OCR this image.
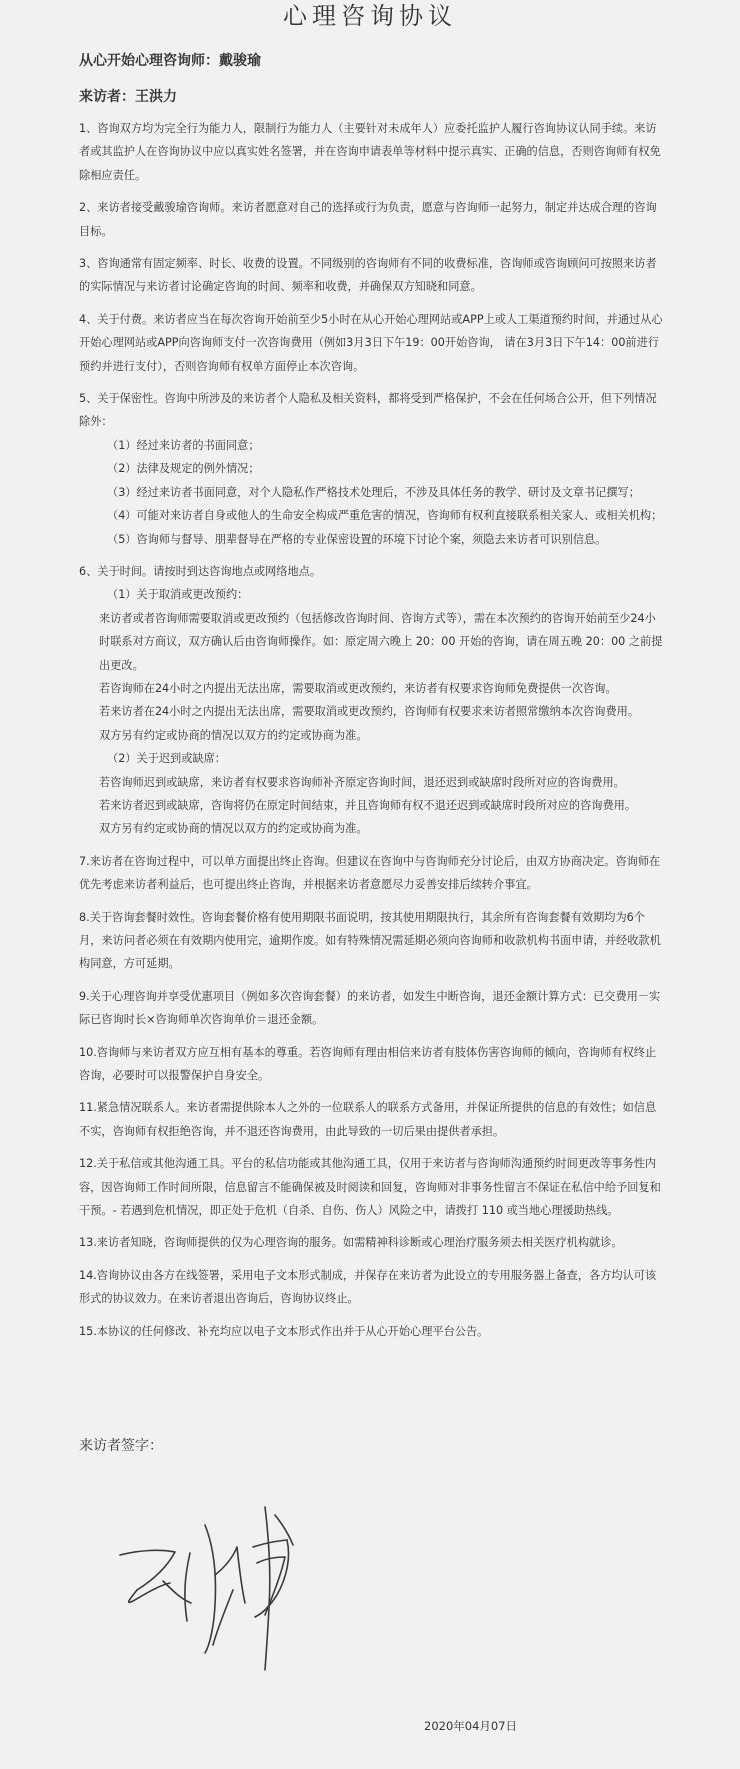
心理咨询协议
从心开始心理咨询师：戴骏瑜
来访者：王洪力

1、咨询双方均为完全行为能力人，限制行为能力人（主要针对未成年人）应委托监护人履行咨询协议认同手续。来访者或其监护人在咨询协议中应以真实姓名签署，并在咨询申请表单等材料中提示真实、正确的信息，否则咨询师有权免除相应责任。

2、来访者接受戴骏瑜咨询师。来访者愿意对自己的选择或行为负责，愿意与咨询师一起努力，制定并达成合理的咨询目标。

3、咨询通常有固定频率、时长、收费的设置。不同级别的咨询师有不同的收费标准，咨询师或咨询顾问可按照来访者的实际情况与来访者讨论确定咨询的时间、频率和收费，并确保双方知晓和同意。

4、关于付费。来访者应当在每次咨询开始前至少5小时在从心开始心理网站或APP上或人工渠道预约时间，并通过从心开始心理网站或APP向咨询师支付一次咨询费用（例如3月3日下午19：00开始咨询， 请在3月3日下午14：00前进行预约并进行支付），否则咨询师有权单方面停止本次咨询。

5、关于保密性。咨询中所涉及的来访者个人隐私及相关资料，都将受到严格保护，不会在任何场合公开，但下列情况除外：

（1）经过来访者的书面同意；

（2）法律及规定的例外情况；

（3）经过来访者书面同意，对个人隐私作严格技术处理后，不涉及具体任务的教学、研讨及文章书记撰写；

（4）可能对来访者自身或他人的生命安全构成严重危害的情况，咨询师有权利直接联系相关家人、或相关机构；

（5）咨询师与督导、朋辈督导在严格的专业保密设置的环境下讨论个案，须隐去来访者可识别信息。

6、关于时间。请按时到达咨询地点或网络地点。

（1）关于取消或更改预约：

来访者或者咨询师需要取消或更改预约（包括修改咨询时间、咨询方式等），需在本次预约的咨询开始前至少24小时联系对方商议，双方确认后由咨询师操作。如：原定周六晚上 20：00 开始的咨询，请在周五晚 20：00 之前提出更改。

若咨询师在24小时之内提出无法出席，需要取消或更改预约，来访者有权要求咨询师免费提供一次咨询。

若来访者在24小时之内提出无法出席，需要取消或更改预约，咨询师有权要求来访者照常缴纳本次咨询费用。

双方另有约定或协商的情况以双方的约定或协商为准。

（2）关于迟到或缺席：

若咨询师迟到或缺席，来访者有权要求咨询师补齐原定咨询时间，退还迟到或缺席时段所对应的咨询费用。

若来访者迟到或缺席，咨询将仍在原定时间结束，并且咨询师有权不退还迟到或缺席时段所对应的咨询费用。

双方另有约定或协商的情况以双方的约定或协商为准。

7.来访者在咨询过程中，可以单方面提出终止咨询。但建议在咨询中与咨询师充分讨论后，由双方协商决定。咨询师在优先考虑来访者利益后，也可提出终止咨询，并根据来访者意愿尽力妥善安排后续转介事宜。

8.关于咨询套餐时效性。咨询套餐价格有使用期限书面说明，按其使用期限执行，其余所有咨询套餐有效期均为6个月，来访问者必须在有效期内使用完，逾期作废。如有特殊情况需延期必须向咨询师和收款机构书面申请，并经收款机构同意，方可延期。

9.关于心理咨询并享受优惠项目（例如多次咨询套餐）的来访者，如发生中断咨询，退还金额计算方式：已交费用－实际已咨询时长×咨询师单次咨询单价＝退还金额。

10.咨询师与来访者双方应互相有基本的尊重。若咨询师有理由相信来访者有肢体伤害咨询师的倾向，咨询师有权终止咨询，必要时可以报警保护自身安全。

11.紧急情况联系人。来访者需提供除本人之外的一位联系人的联系方式备用，并保证所提供的信息的有效性；如信息不实，咨询师有权拒绝咨询，并不退还咨询费用，由此导致的一切后果由提供者承担。

12.关于私信或其他沟通工具。平台的私信功能或其他沟通工具，仅用于来访者与咨询师沟通预约时间更改等事务性内容，因咨询师工作时间所限，信息留言不能确保被及时阅读和回复，咨询师对非事务性留言不保证在私信中给予回复和干预。- 若遇到危机情况，即正处于危机（自杀、自伤、伤人）风险之中，请拨打 110 或当地心理援助热线。

13.来访者知晓，咨询师提供的仅为心理咨询的服务。如需精神科诊断或心理治疗服务须去相关医疗机构就诊。

14.咨询协议由各方在线签署，采用电子文本形式制成，并保存在来访者为此设立的专用服务器上备查，各方均认可该形式的协议效力。在来访者退出咨询后，咨询协议终止。

15.本协议的任何修改、补充均应以电子文本形式作出并于从心开始心理平台公告。

来访者签字：
2020年04月07日
